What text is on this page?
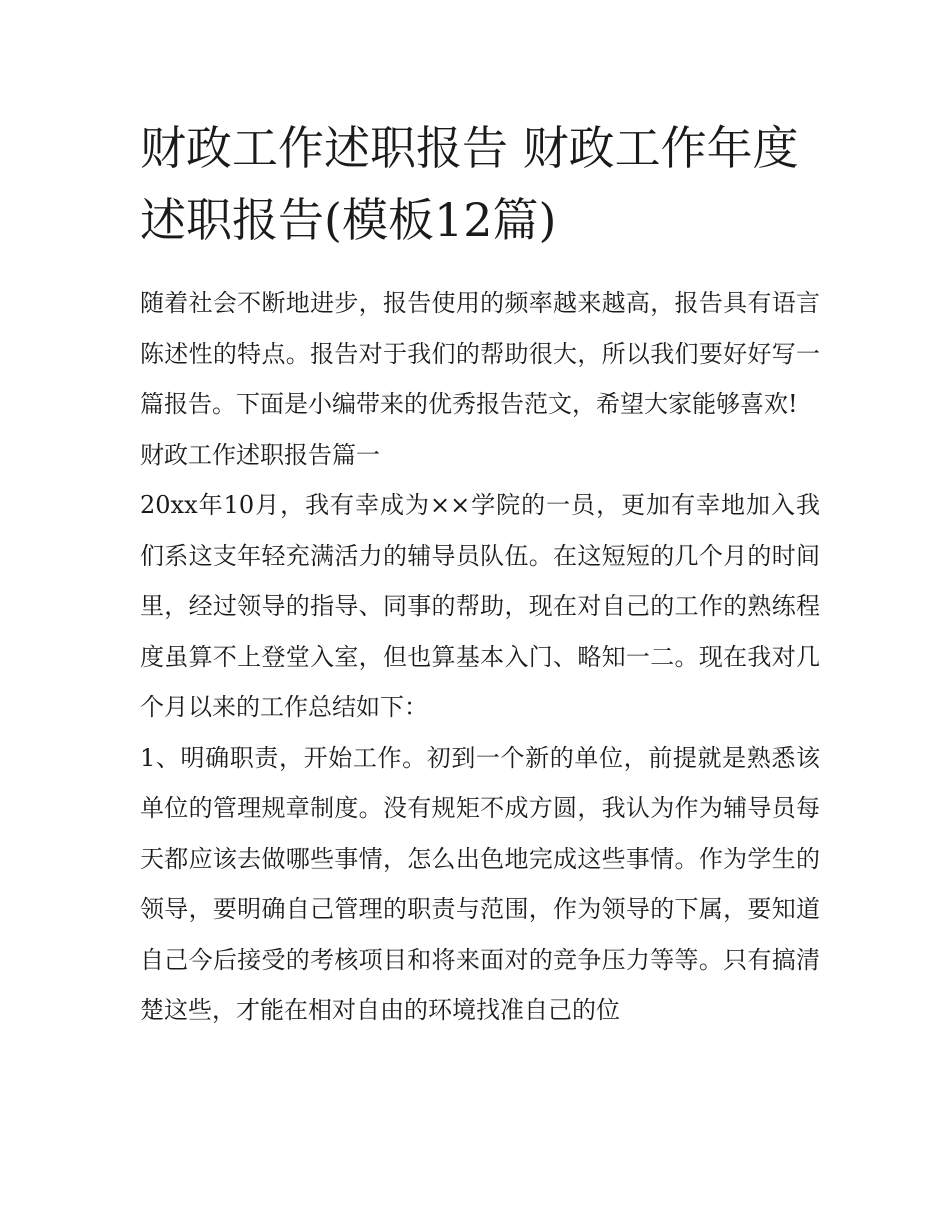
财政工作述职报告 财政工作年度述职报告(模板12篇)

随着社会不断地进步，报告使用的频率越来越高，报告具有语言陈述性的特点。报告对于我们的帮助很大，所以我们要好好写一篇报告。下面是小编带来的优秀报告范文，希望大家能够喜欢!

财政工作述职报告篇一

20xx年10月，我有幸成为××学院的一员，更加有幸地加入我们系这支年轻充满活力的辅导员队伍。在这短短的几个月的时间里，经过领导的指导、同事的帮助，现在对自己的工作的熟练程度虽算不上登堂入室，但也算基本入门、略知一二。现在我对几个月以来的工作总结如下：

1、明确职责，开始工作。初到一个新的单位，前提就是熟悉该单位的管理规章制度。没有规矩不成方圆，我认为作为辅导员每天都应该去做哪些事情，怎么出色地完成这些事情。作为学生的领导，要明确自己管理的职责与范围，作为领导的下属，要知道自己今后接受的考核项目和将来面对的竞争压力等等。只有搞清楚这些，才能在相对自由的环境找准自己的位
